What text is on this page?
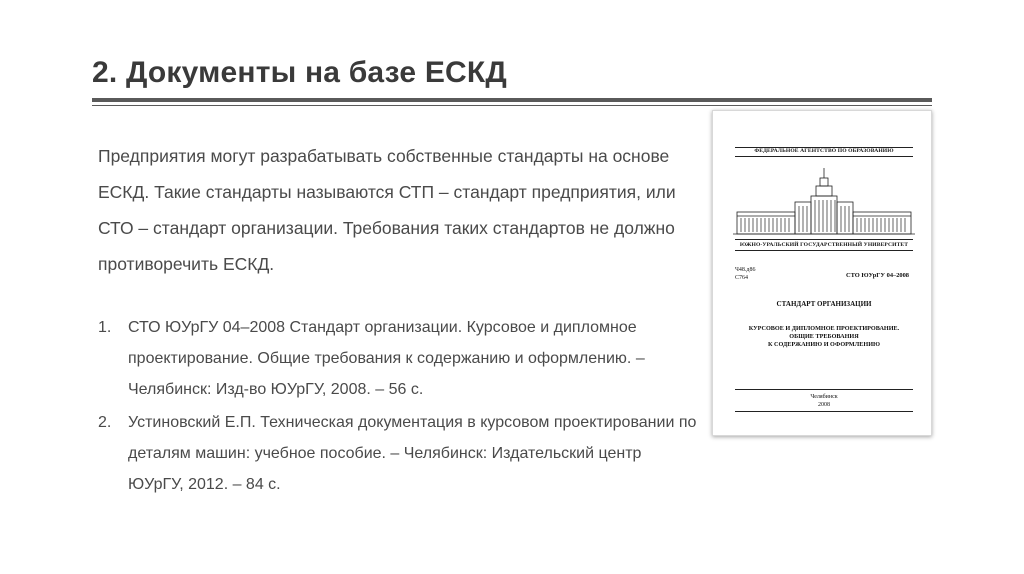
2. Документы на базе ЕСКД
Предприятия могут разрабатывать собственные стандарты на основе ЕСКД. Такие стандарты называются СТП – стандарт предприятия, или СТО – стандарт организации. Требования таких стандартов не должно противоречить ЕСКД.
1.	СТО ЮУрГУ 04–2008 Стандарт организации. Курсовое и дипломное проектирование. Общие требования к содержанию и оформлению. – Челябинск: Изд-во ЮУрГУ, 2008. – 56 с.
2.	Устиновский Е.П. Техническая документация в курсовом проектировании по деталям машин: учебное пособие. – Челябинск: Издательский центр ЮУрГУ, 2012. – 84 с.
ФЕДЕРАЛЬНОЕ АГЕНТСТВО ПО ОБРАЗОВАНИЮ
ЮЖНО-УРАЛЬСКИЙ ГОСУДАРСТВЕННЫЙ УНИВЕРСИТЕТ
Ч48.д86
С764	СТО ЮУрГУ 04–2008
СТАНДАРТ ОРГАНИЗАЦИИ
КУРСОВОЕ И ДИПЛОМНОЕ ПРОЕКТИРОВАНИЕ.
ОБЩИЕ ТРЕБОВАНИЯ
К СОДЕРЖАНИЮ И ОФОРМЛЕНИЮ
Челябинск
2008
